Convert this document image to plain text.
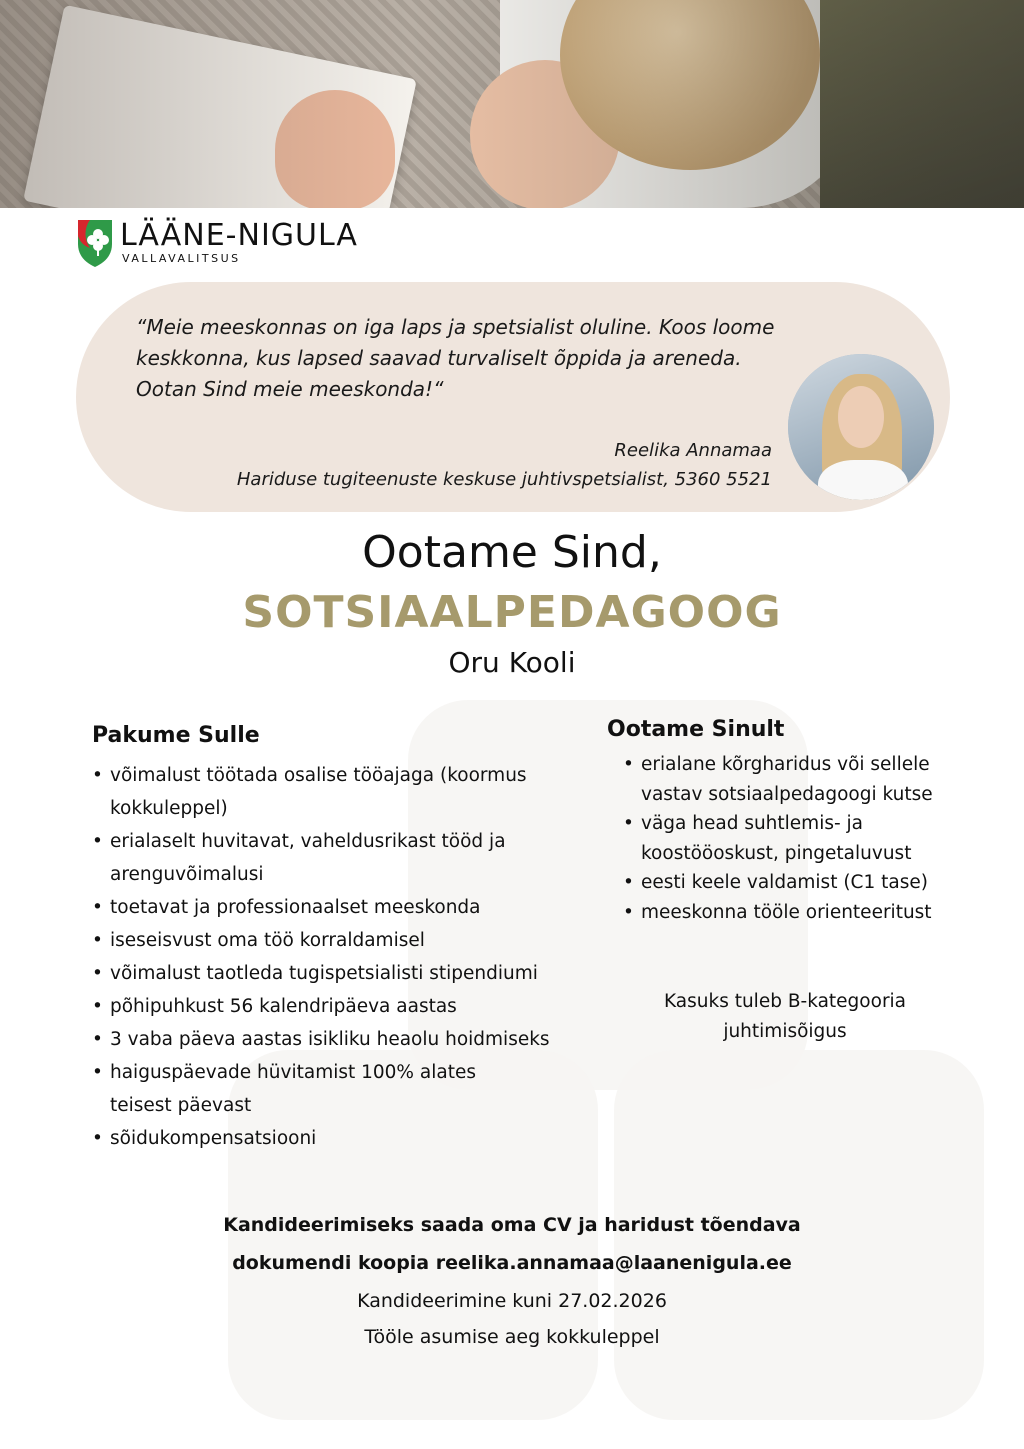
LÄÄNE-NIGULA
VALLAVALITSUS
“Meie meeskonnas on iga laps ja spetsialist oluline. Koos loome
keskkonna, kus lapsed saavad turvaliselt õppida ja areneda.
Ootan Sind meie meeskonda!“
Reelika Annamaa
Hariduse tugiteenuste keskuse juhtivspetsialist, 5360 5521
Ootame Sind,
SOTSIAALPEDAGOOG
Oru Kooli
Pakume Sulle
• võimalust töötada osalise tööajaga (koormus kokkuleppel)
• erialaselt huvitavat, vaheldusrikast tööd ja arenguvõimalusi
• toetavat ja professionaalset meeskonda
• iseseisvust oma töö korraldamisel
• võimalust taotleda tugispetsialisti stipendiumi
• põhipuhkust 56 kalendripäeva aastas
• 3 vaba päeva aastas isikliku heaolu hoidmiseks
• haiguspäevade hüvitamist 100% alates teisest päevast
• sõidukompensatsiooni
Ootame Sinult
• erialane kõrgharidus või sellele vastav sotsiaalpedagoogi kutse
• väga head suhtlemis- ja koostööoskust, pingetaluvust
• eesti keele valdamist (C1 tase)
• meeskonna tööle orienteeritust
Kasuks tuleb B-kategooria juhtimisõigus
Kandideerimiseks saada oma CV ja haridust tõendava
dokumendi koopia reelika.annamaa@laanenigula.ee
Kandideerimine kuni 27.02.2026
Tööle asumise aeg kokkuleppel
